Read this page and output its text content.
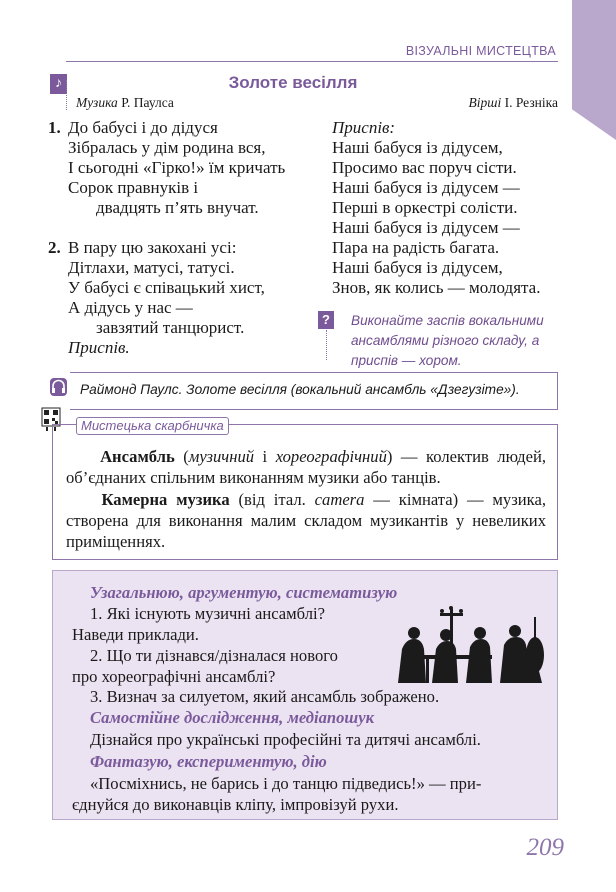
ВІЗУАЛЬНІ МИСТЕЦТВА
♪	Золоте весілля
Музика Р. Паулса	Вірші І. Резніка
1. До бабусі і до дідуся
Зібралась у дім родина вся,
І сьогодні «Гірко!» їм кричать
Сорок правнуків і
двадцять п’ять внучат.
2. В пару цю закохані усі:
Дітлахи, матусі, татусі.
У бабусі є співацький хист,
А дідусь у нас —
завзятий танцюрист.
Приспів.
Приспів:
Наші бабуся із дідусем,
Просимо вас поруч сісти.
Наші бабуся із дідусем —
Перші в оркестрі солісти.
Наші бабуся із дідусем —
Пара на радість багата.
Наші бабуся із дідусем,
Знов, як колись — молодята.
? Виконайте заспів вокальними ансамблями різного складу, а приспів — хором.
Раймонд Паулс. Золоте весілля (вокальний ансамбль «Дзегузіте»).
Мистецька скарбничка

Ансамбль (музичний і хореографічний) — колектив людей, об’єднаних спільним виконанням музики або танців.

Камерна музика (від італ. camera — кімната) — музика, створена для виконання малим складом музикантів у невеликих приміщеннях.

Узагальнюю, аргументую, систематизую
1. Які існують музичні ансамблі?
Наведи приклади.
2. Що ти дізнався/дізналася нового
про хореографічні ансамблі?
3. Визнач за силуетом, який ансамбль зображено.
Самостійне дослідження, медіапошук
Дізнайся про українські професійні та дитячі ансамблі.
Фантазую, експериментую, дію
«Посміхнись, не барись і до танцю підведись!» — при-
єднуйся до виконавців кліпу, імпровізуй рухи.
209
